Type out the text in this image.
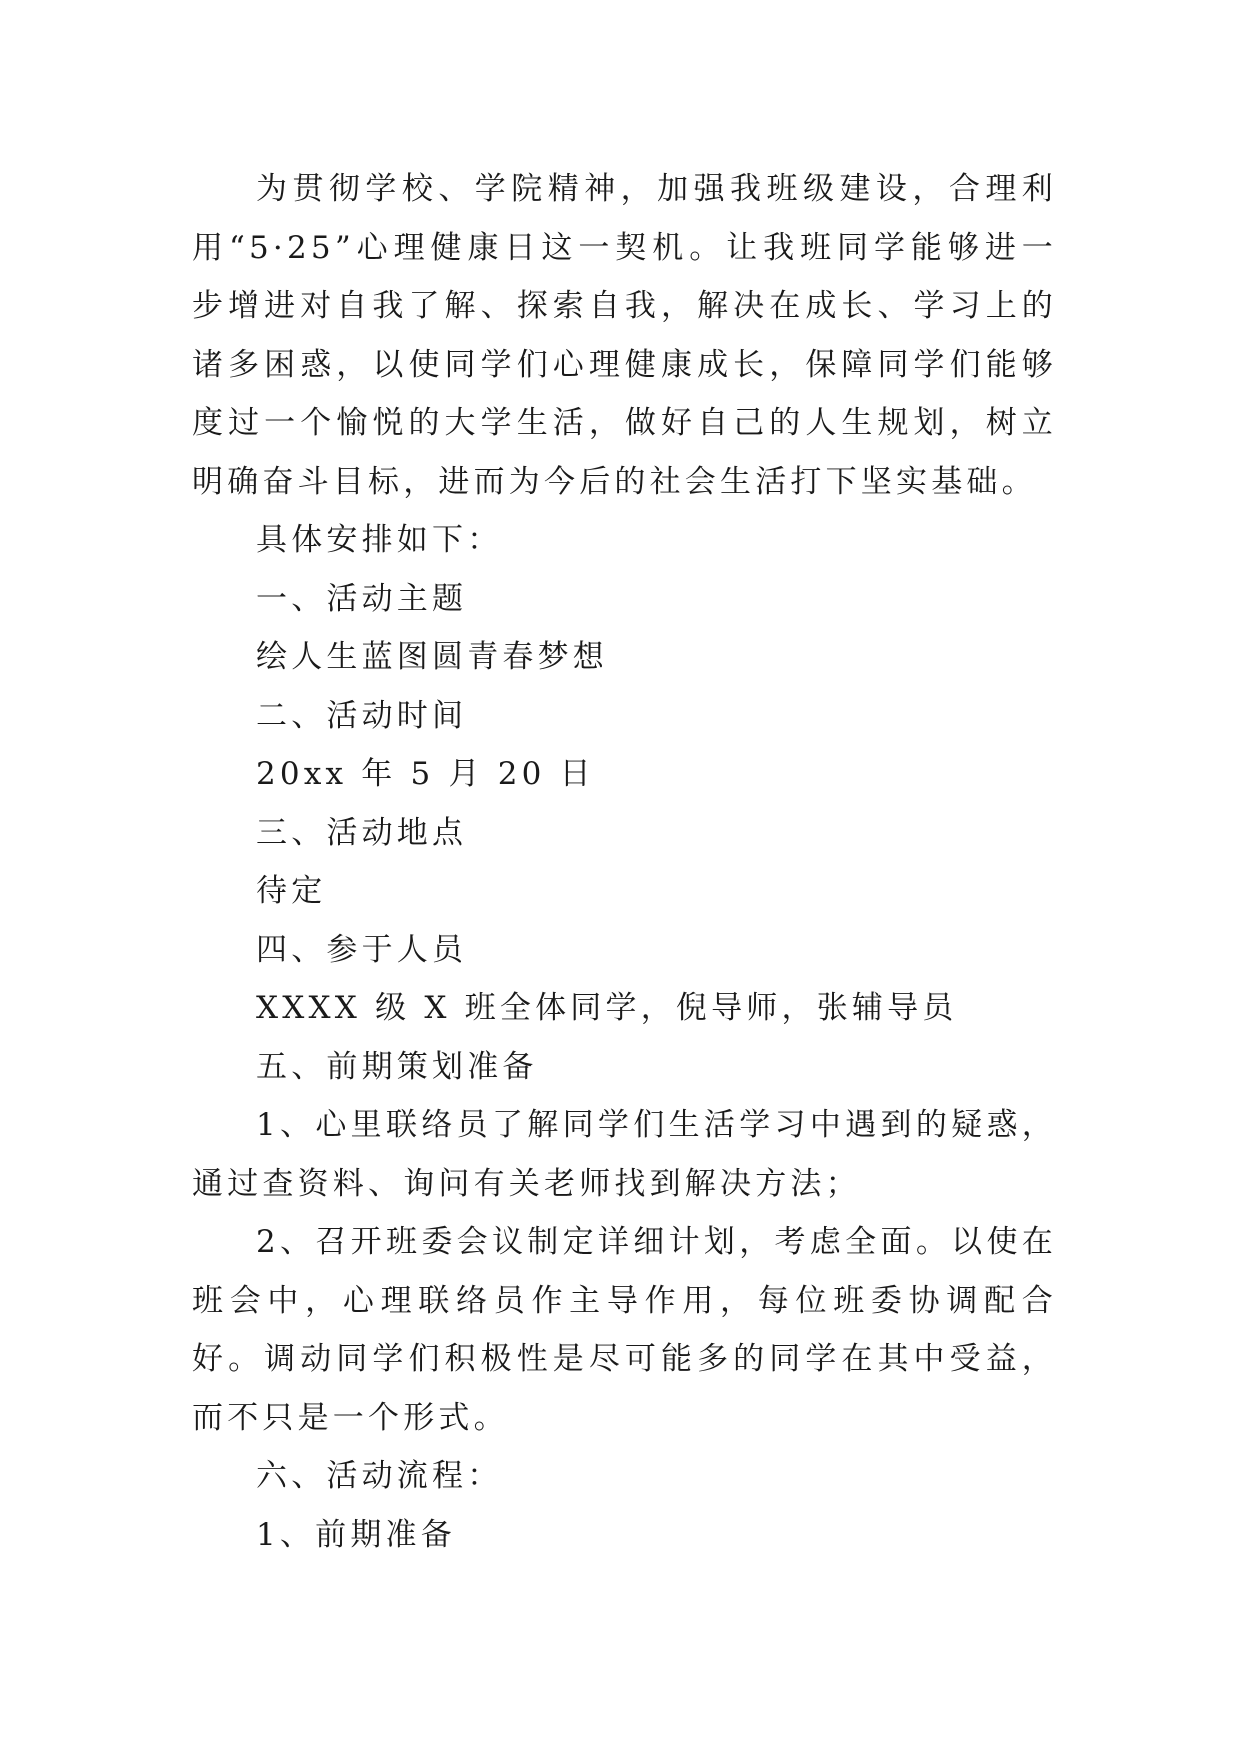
为贯彻学校、学院精神，加强我班级建设，合理利用“5·25”心理健康日这一契机。让我班同学能够进一步增进对自我了解、探索自我，解决在成长、学习上的诸多困惑，以使同学们心理健康成长，保障同学们能够度过一个愉悦的大学生活，做好自己的人生规划，树立明确奋斗目标，进而为今后的社会生活打下坚实基础。

具体安排如下：

一、活动主题

绘人生蓝图圆青春梦想

二、活动时间

20xx 年 5 月 20 日

三、活动地点

待定

四、参于人员

XXXX 级 X 班全体同学，倪导师，张辅导员

五、前期策划准备

1、心里联络员了解同学们生活学习中遇到的疑惑，通过查资料、询问有关老师找到解决方法；

2、召开班委会议制定详细计划，考虑全面。以使在班会中，心理联络员作主导作用，每位班委协调配合好。调动同学们积极性是尽可能多的同学在其中受益，而不只是一个形式。

六、活动流程：

1、前期准备
